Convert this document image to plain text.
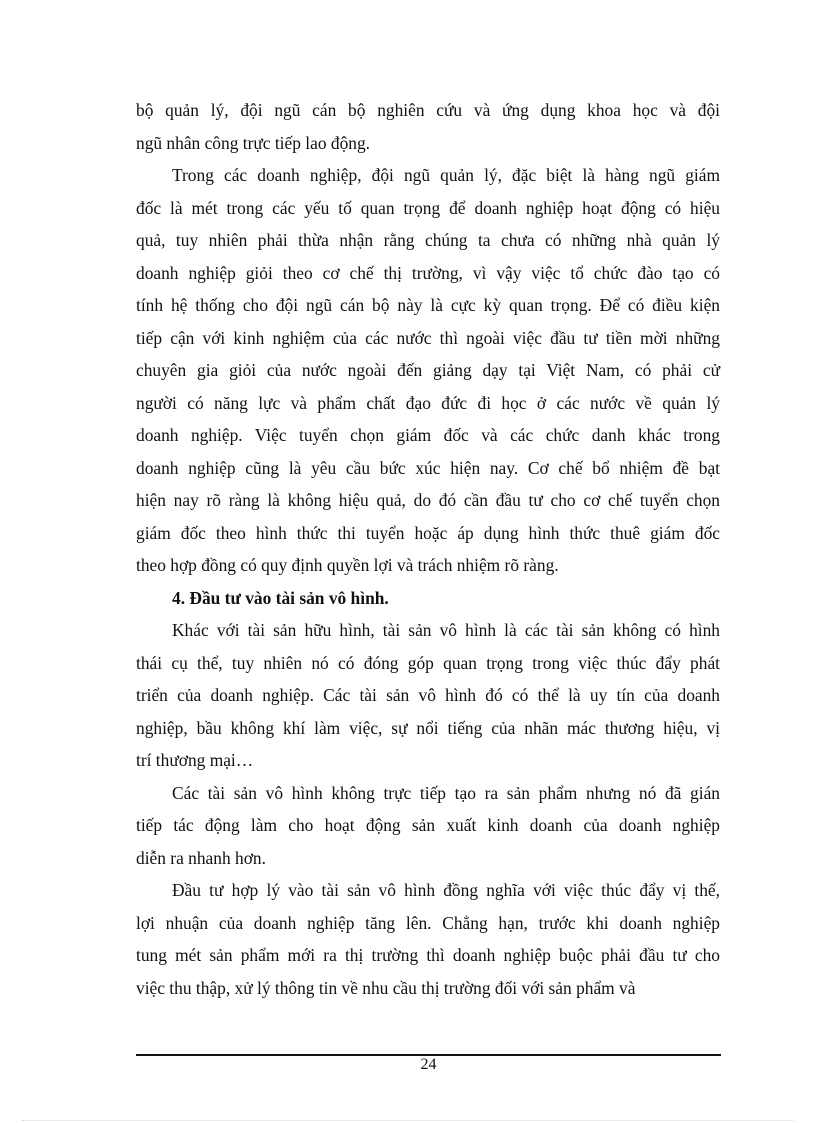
bộ quản lý, đội ngũ cán bộ nghiên cứu và ứng dụng khoa học và đội
ngũ nhân công trực tiếp lao động.
Trong các doanh nghiệp, đội ngũ quản lý, đặc biệt là hàng ngũ giám
đốc là mét trong các yếu tố quan trọng để doanh nghiệp hoạt động có hiệu
quả, tuy nhiên phải thừa nhận rằng chúng ta chưa có những nhà quản lý
doanh nghiệp giỏi theo cơ chế thị trường, vì vậy việc tổ chức đào tạo có
tính hệ thống cho đội ngũ cán bộ này là cực kỳ quan trọng. Để có điều kiện
tiếp cận với kinh nghiệm của các nước thì ngoài việc đầu tư tiền mời những
chuyên gia giỏi của nước ngoài đến giảng dạy tại Việt Nam, có phải cử
người có năng lực và phẩm chất đạo đức đi học ở các nước về quản lý
doanh nghiệp. Việc tuyển chọn giám đốc và các chức danh khác trong
doanh nghiệp cũng là yêu cầu bức xúc hiện nay. Cơ chế bổ nhiệm đề bạt
hiện nay rõ ràng là không hiệu quả, do đó cần đầu tư cho cơ chế tuyển chọn
giám đốc theo hình thức thi tuyển hoặc áp dụng hình thức thuê giám đốc
theo hợp đồng có quy định quyền lợi và trách nhiệm rõ ràng.
4. Đầu tư vào tài sản vô hình.
Khác với tài sản hữu hình, tài sản vô hình là các tài sản không có hình
thái cụ thể, tuy nhiên nó có đóng góp quan trọng trong việc thúc đẩy phát
triển của doanh nghiệp. Các tài sản vô hình đó có thể là uy tín của doanh
nghiệp, bầu không khí làm việc, sự nổi tiếng của nhãn mác thương hiệu, vị
trí thương mại…
Các tài sản vô hình không trực tiếp tạo ra sản phẩm nhưng nó đã gián
tiếp tác động làm cho hoạt động sản xuất kinh doanh của doanh nghiệp
diễn ra nhanh hơn.
Đầu tư hợp lý vào tài sản vô hình đồng nghĩa với việc thúc đẩy vị thế,
lợi nhuận của doanh nghiệp tăng lên. Chẳng hạn, trước khi doanh nghiệp
tung mét sản phẩm mới ra thị trường thì doanh nghiệp buộc phải đầu tư cho
việc thu thập, xử lý thông tin về nhu cầu thị trường đối với sản phẩm và
24
